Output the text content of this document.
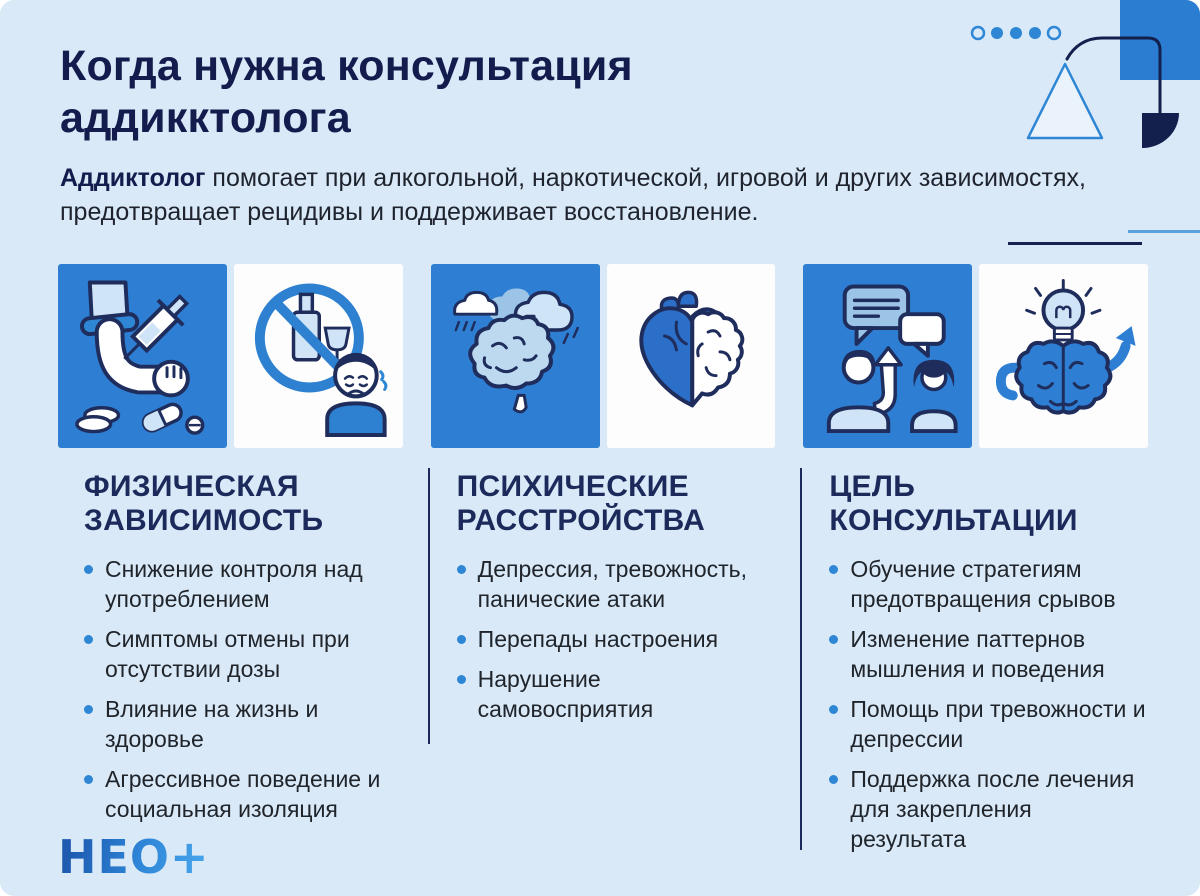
Когда нужна консультация
аддикктолога

Аддиктолог помогает при алкогольной, наркотической, игровой и других зависимостях, предотвращает рецидивы и поддерживает восстановление.

ФИЗИЧЕСКАЯ
ЗАВИСИМОСТЬ
Снижение контроля над употреблением
Симптомы отмены при отсутствии дозы
Влияние на жизнь и здоровье
Агрессивное поведение и социальная изоляция
ПСИХИЧЕСКИЕ
РАССТРОЙСТВА
Депрессия, тревожность, панические атаки
Перепады настроения
Нарушение самовосприятия
ЦЕЛЬ
КОНСУЛЬТАЦИИ
Обучение стратегиям предотвращения срывов
Изменение паттернов мышления и поведения
Помощь при тревожности и депрессии
Поддержка после лечения для закрепления результата
НЕО+
